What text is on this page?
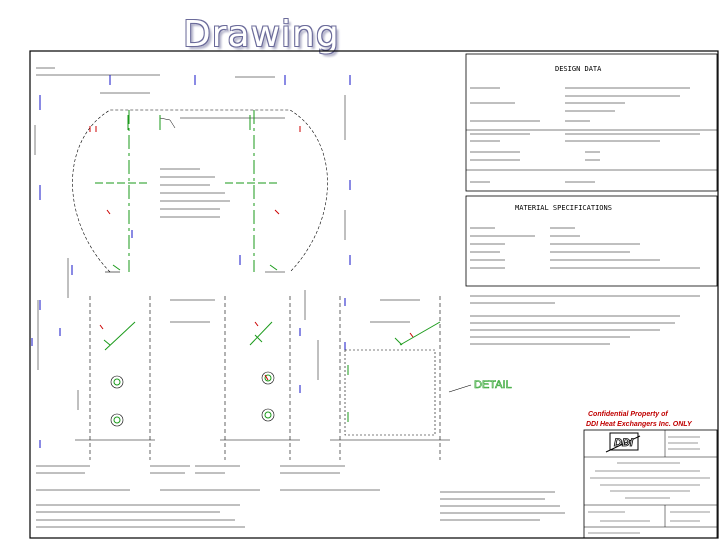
Drawing
DESIGN DATA
MATERIAL SPECIFICATIONS
DETAIL
Confidential Property of
DDI Heat Exchangers Inc. ONLY
DDI
